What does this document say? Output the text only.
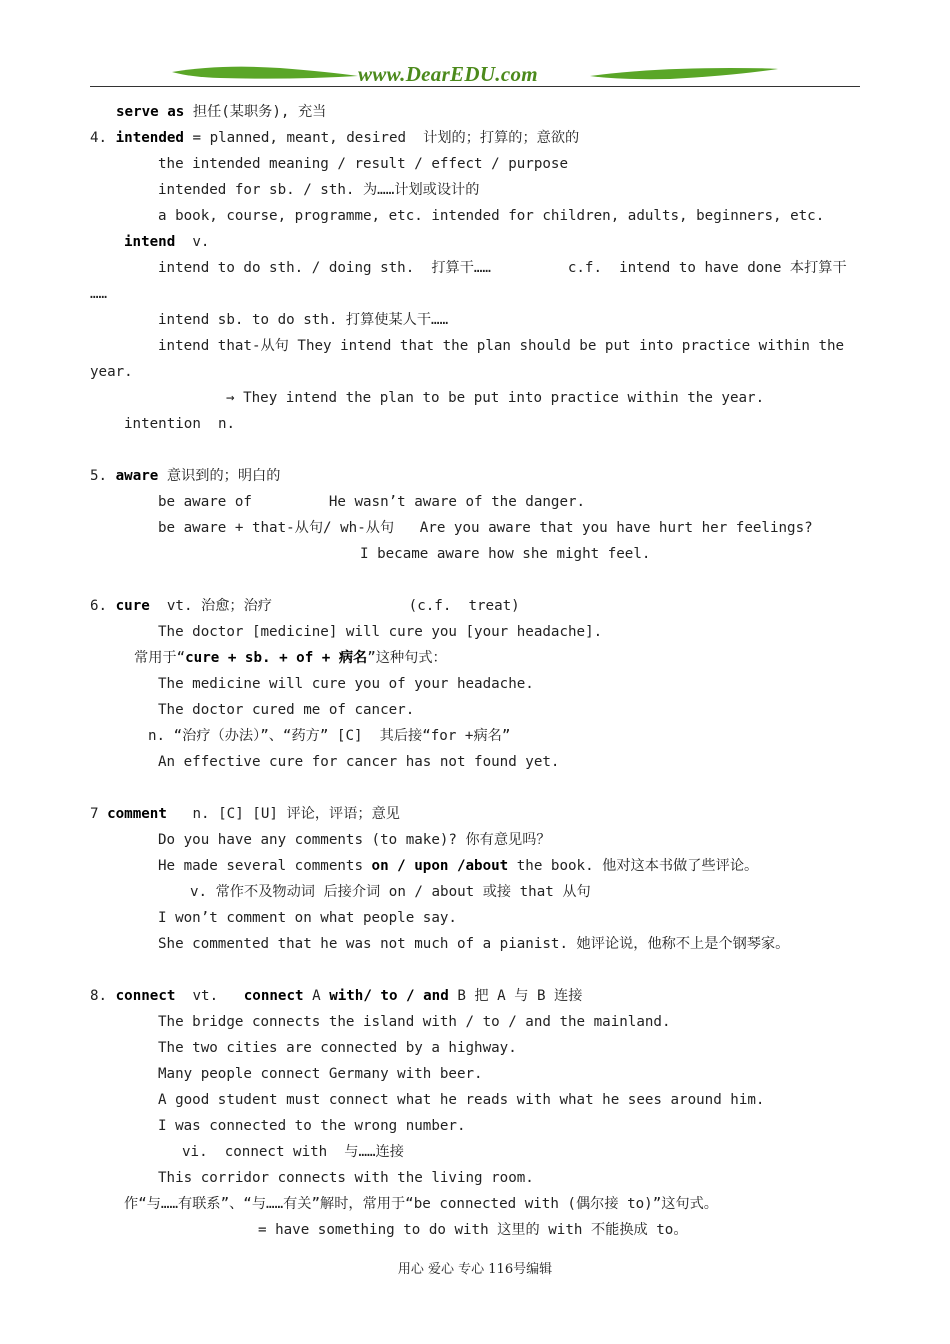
www.DearEDU.com
serve as 担任(某职务), 充当
4. intended = planned, meant, desired  计划的；打算的；意欲的
the intended meaning / result / effect / purpose
intended for sb. / sth. 为……计划或设计的
a book, course, programme, etc. intended for children, adults, beginners, etc.
intend  v.
intend to do sth. / doing sth.  打算干……         c.f.  intend to have done 本打算干
……
intend sb. to do sth. 打算使某人干……
intend that-从句 They intend that the plan should be put into practice within the
year.
→ They intend the plan to be put into practice within the year.
intention  n.
5. aware 意识到的；明白的
be aware of         He wasn’t aware of the danger.
be aware + that-从句/ wh-从句   Are you aware that you have hurt her feelings?
I became aware how she might feel.
6. cure  vt. 治愈；治疗                (c.f.  treat)
The doctor [medicine] will cure you [your headache].
常用于“cure + sb. + of + 病名”这种句式：
The medicine will cure you of your headache.
The doctor cured me of cancer.
n. “治疗（办法）”、“药方” [C]  其后接“for +病名”
An effective cure for cancer has not found yet.
7 comment   n. [C] [U] 评论，评语；意见
Do you have any comments (to make)? 你有意见吗？
He made several comments on / upon /about the book. 他对这本书做了些评论。
v. 常作不及物动词 后接介词 on / about 或接 that 从句
I won’t comment on what people say.
She commented that he was not much of a pianist. 她评论说，他称不上是个钢琴家。
8. connect  vt.   connect A with/ to / and B 把 A 与 B 连接
The bridge connects the island with / to / and the mainland.
The two cities are connected by a highway.
Many people connect Germany with beer.
A good student must connect what he reads with what he sees around him.
I was connected to the wrong number.
vi.  connect with  与……连接
This corridor connects with the living room.
作“与……有联系”、“与……有关”解时，常用于“be connected with (偶尔接 to)”这句式。
= have something to do with 这里的 with 不能换成 to。
用心 爱心 专心 116号编辑
